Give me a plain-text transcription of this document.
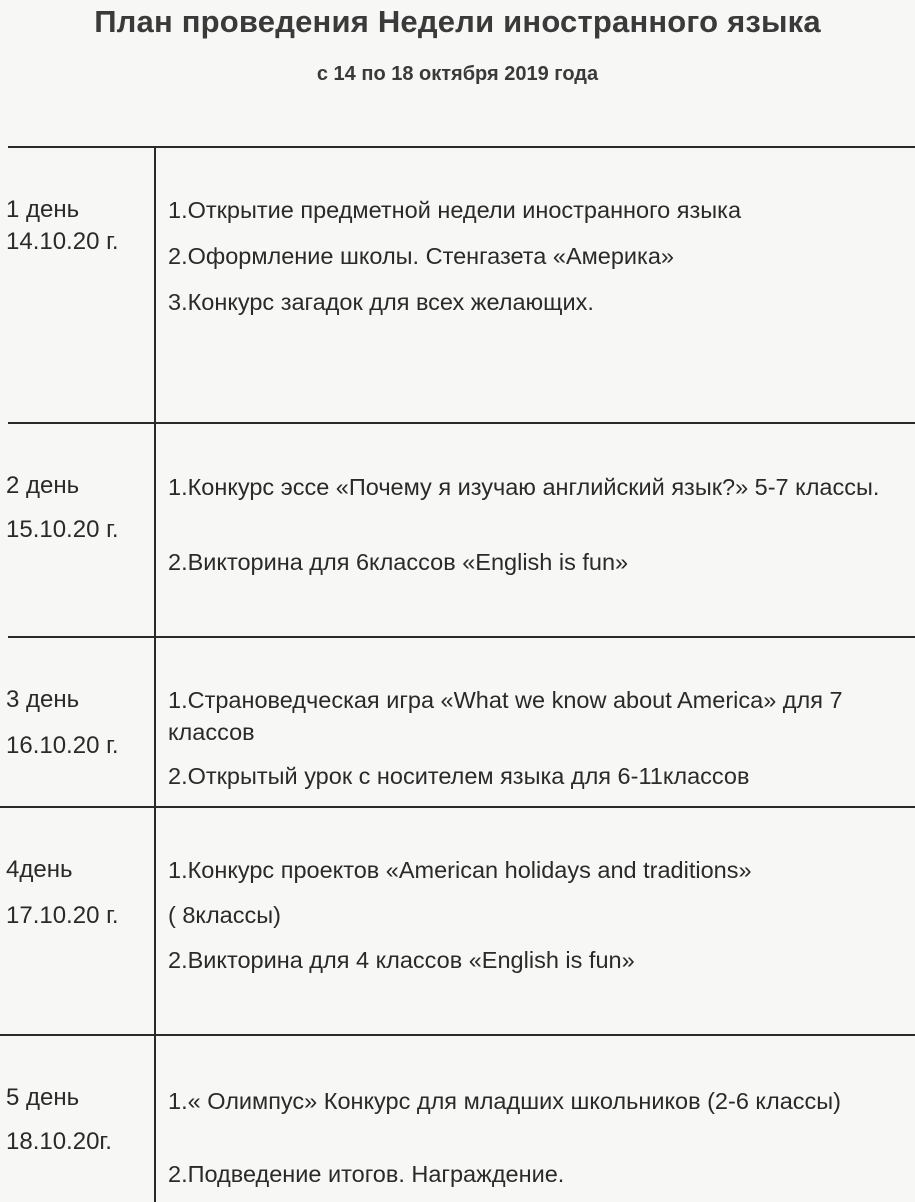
План проведения Недели иностранного языка
с 14 по 18 октября 2019 года
1 день
14.10.20 г.
1.Открытие предметной недели иностранного языка
2.Оформление школы. Стенгазета «Америка»
3.Конкурс загадок для всех желающих.
2 день
15.10.20 г.
1.Конкурс эссе «Почему я изучаю английский язык?» 5-7 классы.
2.Викторина для 6классов «English is fun»
3 день
16.10.20 г.
1.Страноведческая игра «What we know about America» для 7 классов
2.Открытый урок с носителем языка для 6-11классов
4день
17.10.20 г.
1.Конкурс проектов «American holidays and traditions»
( 8классы)
2.Викторина для 4 классов «English is fun»
5 день
18.10.20г.
1.« Олимпус» Конкурс для младших школьников (2-6 классы)
2.Подведение итогов. Награждение.
